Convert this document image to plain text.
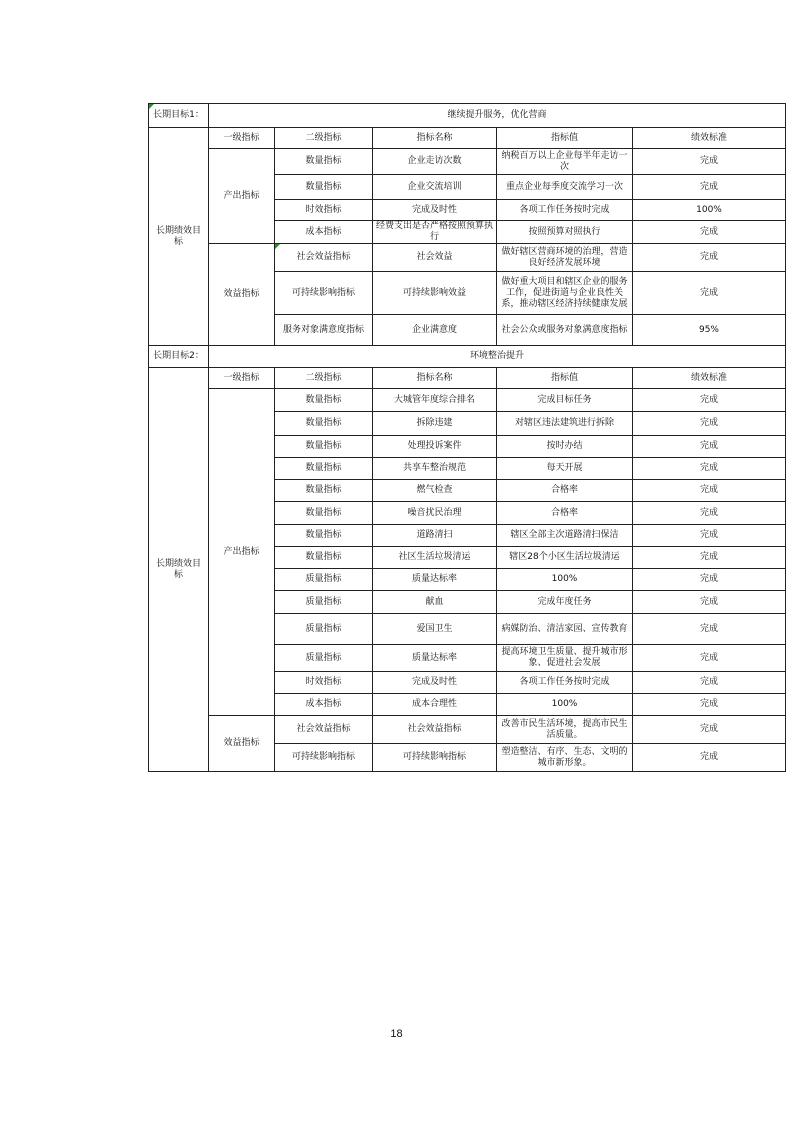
长期目标1：	继续提升服务，优化营商				
长期绩效目标	一级指标	二级指标	指标名称	指标值	绩效标准
	产出指标	数量指标	企业走访次数	纳税百万以上企业每半年走访一次	完成
		数量指标	企业交流培训	重点企业每季度交流学习一次	完成
		时效指标	完成及时性	各项工作任务按时完成	100%
		成本指标	经费支出是否严格按照预算执行	按照预算对照执行	完成
	效益指标	社会效益指标	社会效益	做好辖区营商环境的治理，营造良好经济发展环境	完成
		可持续影响指标	可持续影响效益	做好重大项目和辖区企业的服务工作，促进街道与企业良性关系，推动辖区经济持续健康发展	完成
		服务对象满意度指标	企业满意度	社会公众或服务对象满意度指标	95%
长期目标2：	环境整治提升				
长期绩效目标	一级指标	二级指标	指标名称	指标值	绩效标准
	产出指标	数量指标	大城管年度综合排名	完成目标任务	完成
		数量指标	拆除违建	对辖区违法建筑进行拆除	完成
		数量指标	处理投诉案件	按时办结	完成
		数量指标	共享车整治规范	每天开展	完成
		数量指标	燃气检查	合格率	完成
		数量指标	噪音扰民治理	合格率	完成
		数量指标	道路清扫	辖区全部主次道路清扫保洁	完成
		数量指标	社区生活垃圾清运	辖区28个小区生活垃圾清运	完成
		质量指标	质量达标率	100%	完成
		质量指标	献血	完成年度任务	完成
		质量指标	爱国卫生	病媒防治、清洁家园、宣传教育	完成
		质量指标	质量达标率	提高环境卫生质量、提升城市形象、促进社会发展	完成
		时效指标	完成及时性	各项工作任务按时完成	完成
		成本指标	成本合理性	100%	完成
	效益指标	社会效益指标	社会效益指标	改善市民生活环境，提高市民生活质量。	完成
		可持续影响指标	可持续影响指标	塑造整洁、有序、生态、文明的城市新形象。	完成
18
